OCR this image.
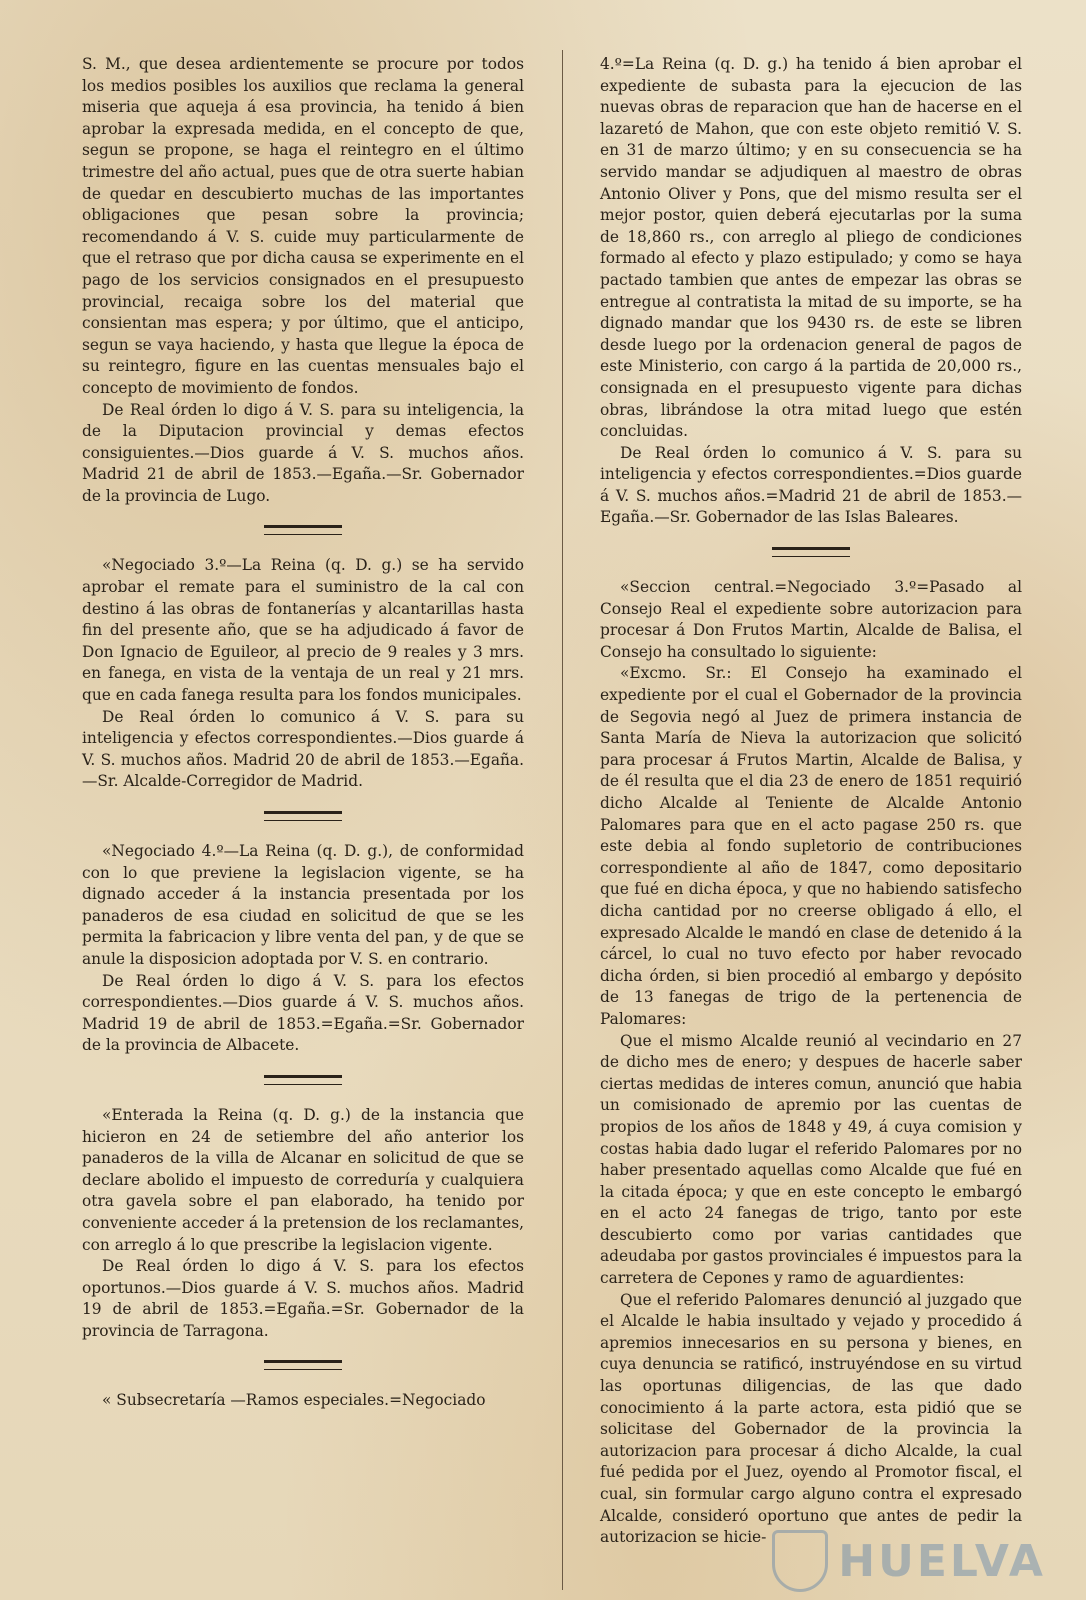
S. M., que desea ardientemente se procure por todos los medios posibles los auxilios que reclama la general miseria que aqueja á esa provincia, ha tenido á bien aprobar la expresada medida, en el concepto de que, segun se propone, se haga el reintegro en el último trimestre del año actual, pues que de otra suerte habian de quedar en descubierto muchas de las importantes obligaciones que pesan sobre la provincia; recomendando á V. S. cuide muy particularmente de que el retraso que por dicha causa se experimente en el pago de los servicios consignados en el presupuesto provincial, recaiga sobre los del material que consientan mas espera; y por último, que el anticipo, segun se vaya haciendo, y hasta que llegue la época de su reintegro, figure en las cuentas mensuales bajo el concepto de movimiento de fondos.

De Real órden lo digo á V. S. para su inteligencia, la de la Diputacion provincial y demas efectos consiguientes.—Dios guarde á V. S. muchos años. Madrid 21 de abril de 1853.—Egaña.—Sr. Gobernador de la provincia de Lugo.

«Negociado 3.º—La Reina (q. D. g.) se ha servido aprobar el remate para el suministro de la cal con destino á las obras de fontanerías y alcantarillas hasta fin del presente año, que se ha adjudicado á favor de Don Ignacio de Eguileor, al precio de 9 reales y 3 mrs. en fanega, en vista de la ventaja de un real y 21 mrs. que en cada fanega resulta para los fondos municipales.

De Real órden lo comunico á V. S. para su inteligencia y efectos correspondientes.—Dios guarde á V. S. muchos años. Madrid 20 de abril de 1853.—Egaña.—Sr. Alcalde-Corregidor de Madrid.

«Negociado 4.º—La Reina (q. D. g.), de conformidad con lo que previene la legislacion vigente, se ha dignado acceder á la instancia presentada por los panaderos de esa ciudad en solicitud de que se les permita la fabricacion y libre venta del pan, y de que se anule la disposicion adoptada por V. S. en contrario.

De Real órden lo digo á V. S. para los efectos correspondientes.—Dios guarde á V. S. muchos años. Madrid 19 de abril de 1853.=Egaña.=Sr. Gobernador de la provincia de Albacete.

«Enterada la Reina (q. D. g.) de la instancia que hicieron en 24 de setiembre del año anterior los panaderos de la villa de Alcanar en solicitud de que se declare abolido el impuesto de correduría y cualquiera otra gavela sobre el pan elaborado, ha tenido por conveniente acceder á la pretension de los reclamantes, con arreglo á lo que prescribe la legislacion vigente.

De Real órden lo digo á V. S. para los efectos oportunos.—Dios guarde á V. S. muchos años. Madrid 19 de abril de 1853.=Egaña.=Sr. Gobernador de la provincia de Tarragona.

« Subsecretaría —Ramos especiales.=Negociado

4.º=La Reina (q. D. g.) ha tenido á bien aprobar el expediente de subasta para la ejecucion de las nuevas obras de reparacion que han de hacerse en el lazaretó de Mahon, que con este objeto remitió V. S. en 31 de marzo último; y en su consecuencia se ha servido mandar se adjudiquen al maestro de obras Antonio Oliver y Pons, que del mismo resulta ser el mejor postor, quien deberá ejecutarlas por la suma de 18,860 rs., con arreglo al pliego de condiciones formado al efecto y plazo estipulado; y como se haya pactado tambien que antes de empezar las obras se entregue al contratista la mitad de su importe, se ha dignado mandar que los 9430 rs. de este se libren desde luego por la ordenacion general de pagos de este Ministerio, con cargo á la partida de 20,000 rs., consignada en el presupuesto vigente para dichas obras, librándose la otra mitad luego que estén concluidas.

De Real órden lo comunico á V. S. para su inteligencia y efectos correspondientes.=Dios guarde á V. S. muchos años.=Madrid 21 de abril de 1853.—Egaña.—Sr. Gobernador de las Islas Baleares.

«Seccion central.=Negociado 3.º=Pasado al Consejo Real el expediente sobre autorizacion para procesar á Don Frutos Martin, Alcalde de Balisa, el Consejo ha consultado lo siguiente:

«Excmo. Sr.: El Consejo ha examinado el expediente por el cual el Gobernador de la provincia de Segovia negó al Juez de primera instancia de Santa María de Nieva la autorizacion que solicitó para procesar á Frutos Martin, Alcalde de Balisa, y de él resulta que el dia 23 de enero de 1851 requirió dicho Alcalde al Teniente de Alcalde Antonio Palomares para que en el acto pagase 250 rs. que este debia al fondo supletorio de contribuciones correspondiente al año de 1847, como depositario que fué en dicha época, y que no habiendo satisfecho dicha cantidad por no creerse obligado á ello, el expresado Alcalde le mandó en clase de detenido á la cárcel, lo cual no tuvo efecto por haber revocado dicha órden, si bien procedió al embargo y depósito de 13 fanegas de trigo de la pertenencia de Palomares:

Que el mismo Alcalde reunió al vecindario en 27 de dicho mes de enero; y despues de hacerle saber ciertas medidas de interes comun, anunció que habia un comisionado de apremio por las cuentas de propios de los años de 1848 y 49, á cuya comision y costas habia dado lugar el referido Palomares por no haber presentado aquellas como Alcalde que fué en la citada época; y que en este concepto le embargó en el acto 24 fanegas de trigo, tanto por este descubierto como por varias cantidades que adeudaba por gastos provinciales é impuestos para la carretera de Cepones y ramo de aguardientes:

Que el referido Palomares denunció al juzgado que el Alcalde le habia insultado y vejado y procedido á apremios innecesarios en su persona y bienes, en cuya denuncia se ratificó, instruyéndose en su virtud las oportunas diligencias, de las que dado conocimiento á la parte actora, esta pidió que se solicitase del Gobernador de la provincia la autorizacion para procesar á dicho Alcalde, la cual fué pedida por el Juez, oyendo al Promotor fiscal, el cual, sin formular cargo alguno contra el expresado Alcalde, consideró oportuno que antes de pedir la autorizacion se hicie-	HUELVA
